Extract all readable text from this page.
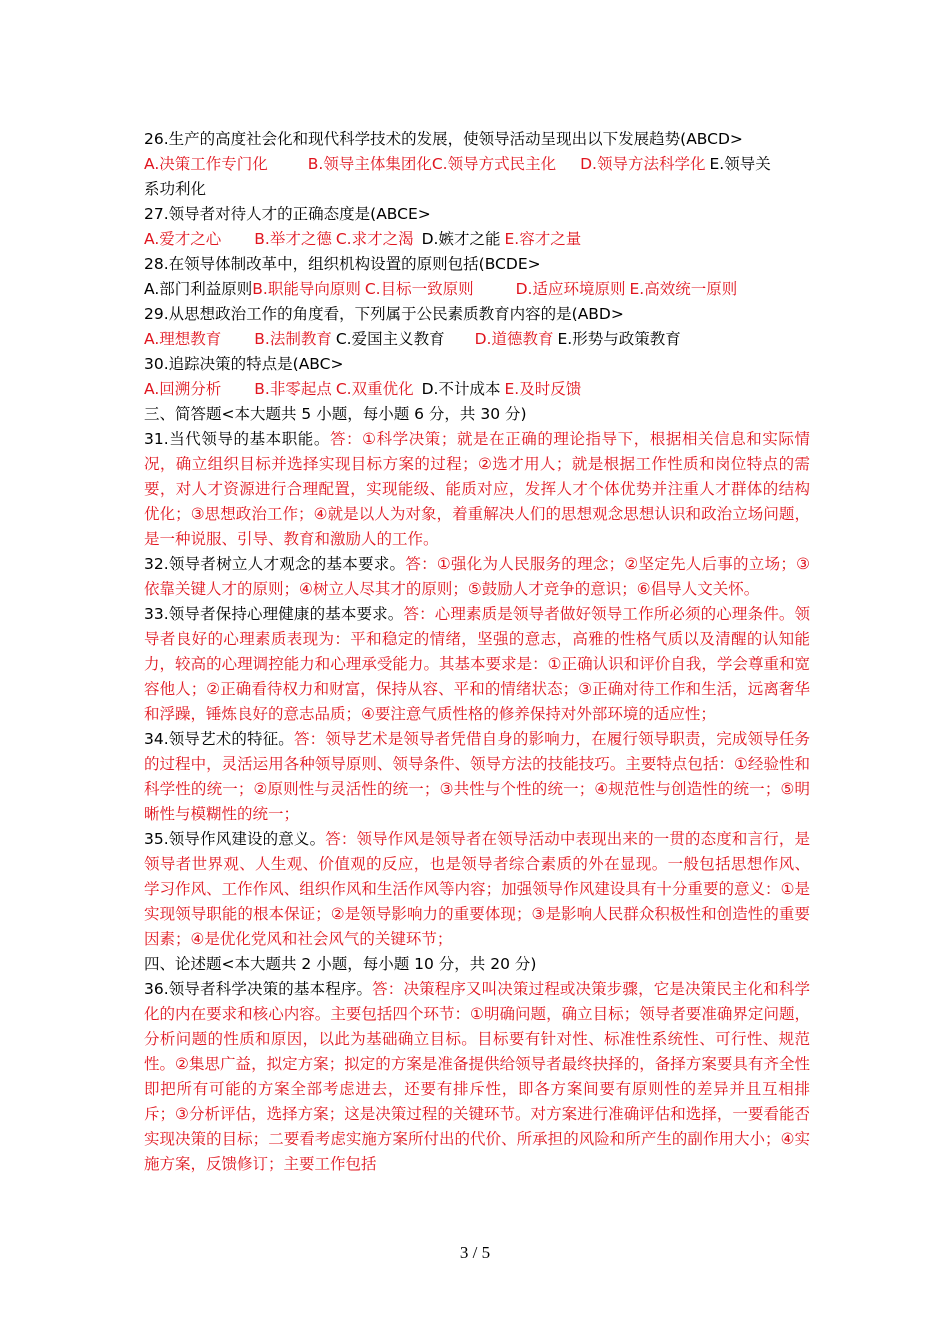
26.生产的高度社会化和现代科学技术的发展，使领导活动呈现出以下发展趋势(ABCD>
A.决策工作专门化	B.领导主体集团化C.领导方式民主化 D.领导方法科学化 E.领导关
系功利化
27.领导者对待人才的正确态度是(ABCE>
A.爱才之心 B.举才之德 C.求才之渴 D.嫉才之能 E.容才之量
28.在领导体制改革中，组织机构设置的原则包括(BCDE>
A.部门利益原则B.职能导向原则 C.目标一致原则	D.适应环境原则 E.高效统一原则
29.从思想政治工作的角度看，下列属于公民素质教育内容的是(ABD>
A.理想教育 B.法制教育 C.爱国主义教育 D.道德教育 E.形势与政策教育
30.追踪决策的特点是(ABC>
A.回溯分析 B.非零起点 C.双重优化 D.不计成本 E.及时反馈
三、简答题<本大题共 5 小题，每小题 6 分，共 30 分)
31.当代领导的基本职能。答：①科学决策；就是在正确的理论指导下，根据相关信息和实际情况，确立组织目标并选择实现目标方案的过程；②选才用人；就是根据工作性质和岗位特点的需要，对人才资源进行合理配置，实现能级、能质对应，发挥人才个体优势并注重人才群体的结构优化；③思想政治工作；④就是以人为对象，着重解决人们的思想观念思想认识和政治立场问题，是一种说服、引导、教育和激励人的工作。
32.领导者树立人才观念的基本要求。答：①强化为人民服务的理念；②坚定先人后事的立场；③依靠关键人才的原则；④树立人尽其才的原则；⑤鼓励人才竞争的意识；⑥倡导人文关怀。
33.领导者保持心理健康的基本要求。答：心理素质是领导者做好领导工作所必须的心理条件。领导者良好的心理素质表现为：平和稳定的情绪，坚强的意志，高雅的性格气质以及清醒的认知能力，较高的心理调控能力和心理承受能力。其基本要求是：①正确认识和评价自我，学会尊重和宽容他人；②正确看待权力和财富，保持从容、平和的情绪状态；③正确对待工作和生活，远离奢华和浮躁，锤炼良好的意志品质；④要注意气质性格的修养保持对外部环境的适应性；
34.领导艺术的特征。答：领导艺术是领导者凭借自身的影响力，在履行领导职责，完成领导任务的过程中，灵活运用各种领导原则、领导条件、领导方法的技能技巧。主要特点包括：①经验性和科学性的统一；②原则性与灵活性的统一；③共性与个性的统一；④规范性与创造性的统一；⑤明晰性与模糊性的统一；
35.领导作风建设的意义。答：领导作风是领导者在领导活动中表现出来的一贯的态度和言行，是领导者世界观、人生观、价值观的反应，也是领导者综合素质的外在显现。一般包括思想作风、学习作风、工作作风、组织作风和生活作风等内容；加强领导作风建设具有十分重要的意义：①是实现领导职能的根本保证；②是领导影响力的重要体现；③是影响人民群众积极性和创造性的重要因素；④是优化党风和社会风气的关键环节；
四、论述题<本大题共 2 小题，每小题 10 分，共 20 分)
36.领导者科学决策的基本程序。答：决策程序又叫决策过程或决策步骤，它是决策民主化和科学化的内在要求和核心内容。主要包括四个环节：①明确问题，确立目标；领导者要准确界定问题，分析问题的性质和原因，以此为基础确立目标。目标要有针对性、标准性系统性、可行性、规范性。②集思广益，拟定方案；拟定的方案是准备提供给领导者最终抉择的，备择方案要具有齐全性即把所有可能的方案全部考虑进去，还要有排斥性，即各方案间要有原则性的差异并且互相排斥；③分析评估，选择方案；这是决策过程的关键环节。对方案进行准确评估和选择，一要看能否实现决策的目标；二要看考虑实施方案所付出的代价、所承担的风险和所产生的副作用大小；④实施方案，反馈修订；主要工作包括
3 / 5
